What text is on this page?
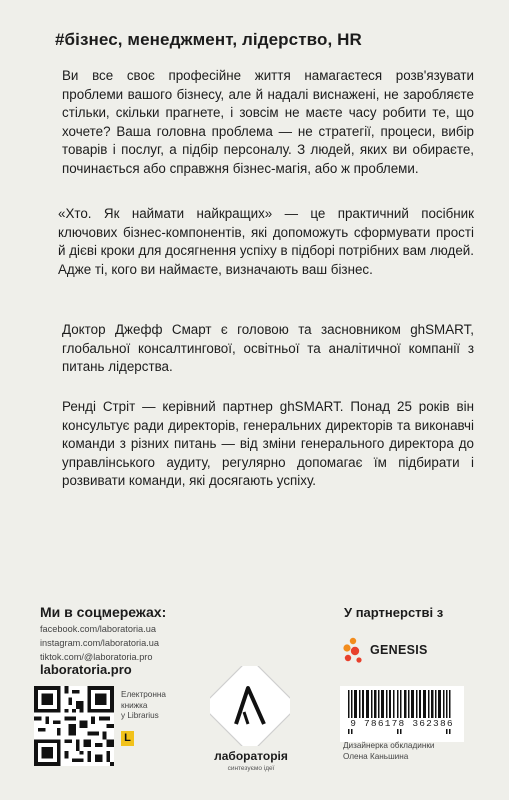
#бізнес, менеджмент, лідерство, HR

Ви все своє професійне життя намагаєтеся розв'язувати проблеми вашого бізнесу, але й надалі виснажені, не заробляєте стільки, скільки прагнете, і зовсім не маєте часу робити те, що хочете? Ваша головна проблема — не стратегії, процеси, вибір товарів і послуг, а підбір персоналу. З людей, яких ви обираєте, починається або справжня бізнес-магія, або ж проблеми.

«Хто. Як наймати найкращих» — це практичний посібник ключових бізнес-компонентів, які допоможуть сформувати прості й дієві кроки для досягнення успіху в підборі потрібних вам людей. Адже ті, кого ви наймаєте, визначають ваш бізнес.

Доктор Джефф Смарт є головою та засновником ghSMART, глобальної консалтингової, освітньої та аналітичної компанії з питань лідерства.

Ренді Стріт — керівний партнер ghSMART. Понад 25 років він консультує ради директорів, генеральних директорів та виконавчі команди з різних питань — від зміни генерального директора до управлінського аудиту, регулярно допомагає їм підбирати і розвивати команди, які досягають успіху.

Ми в соцмережах:
facebook.com/laboratoria.ua
instagram.com/laboratoria.ua
tiktok.com/@laboratoria.pro
laboratoria.pro
Електронна
книжка
у Librarius
L
лабораторія
синтезуємо ідеї
У партнерстві з
GENESIS
9 786178 362386
Дизайнерка обкладинки
Олена Каньшина
